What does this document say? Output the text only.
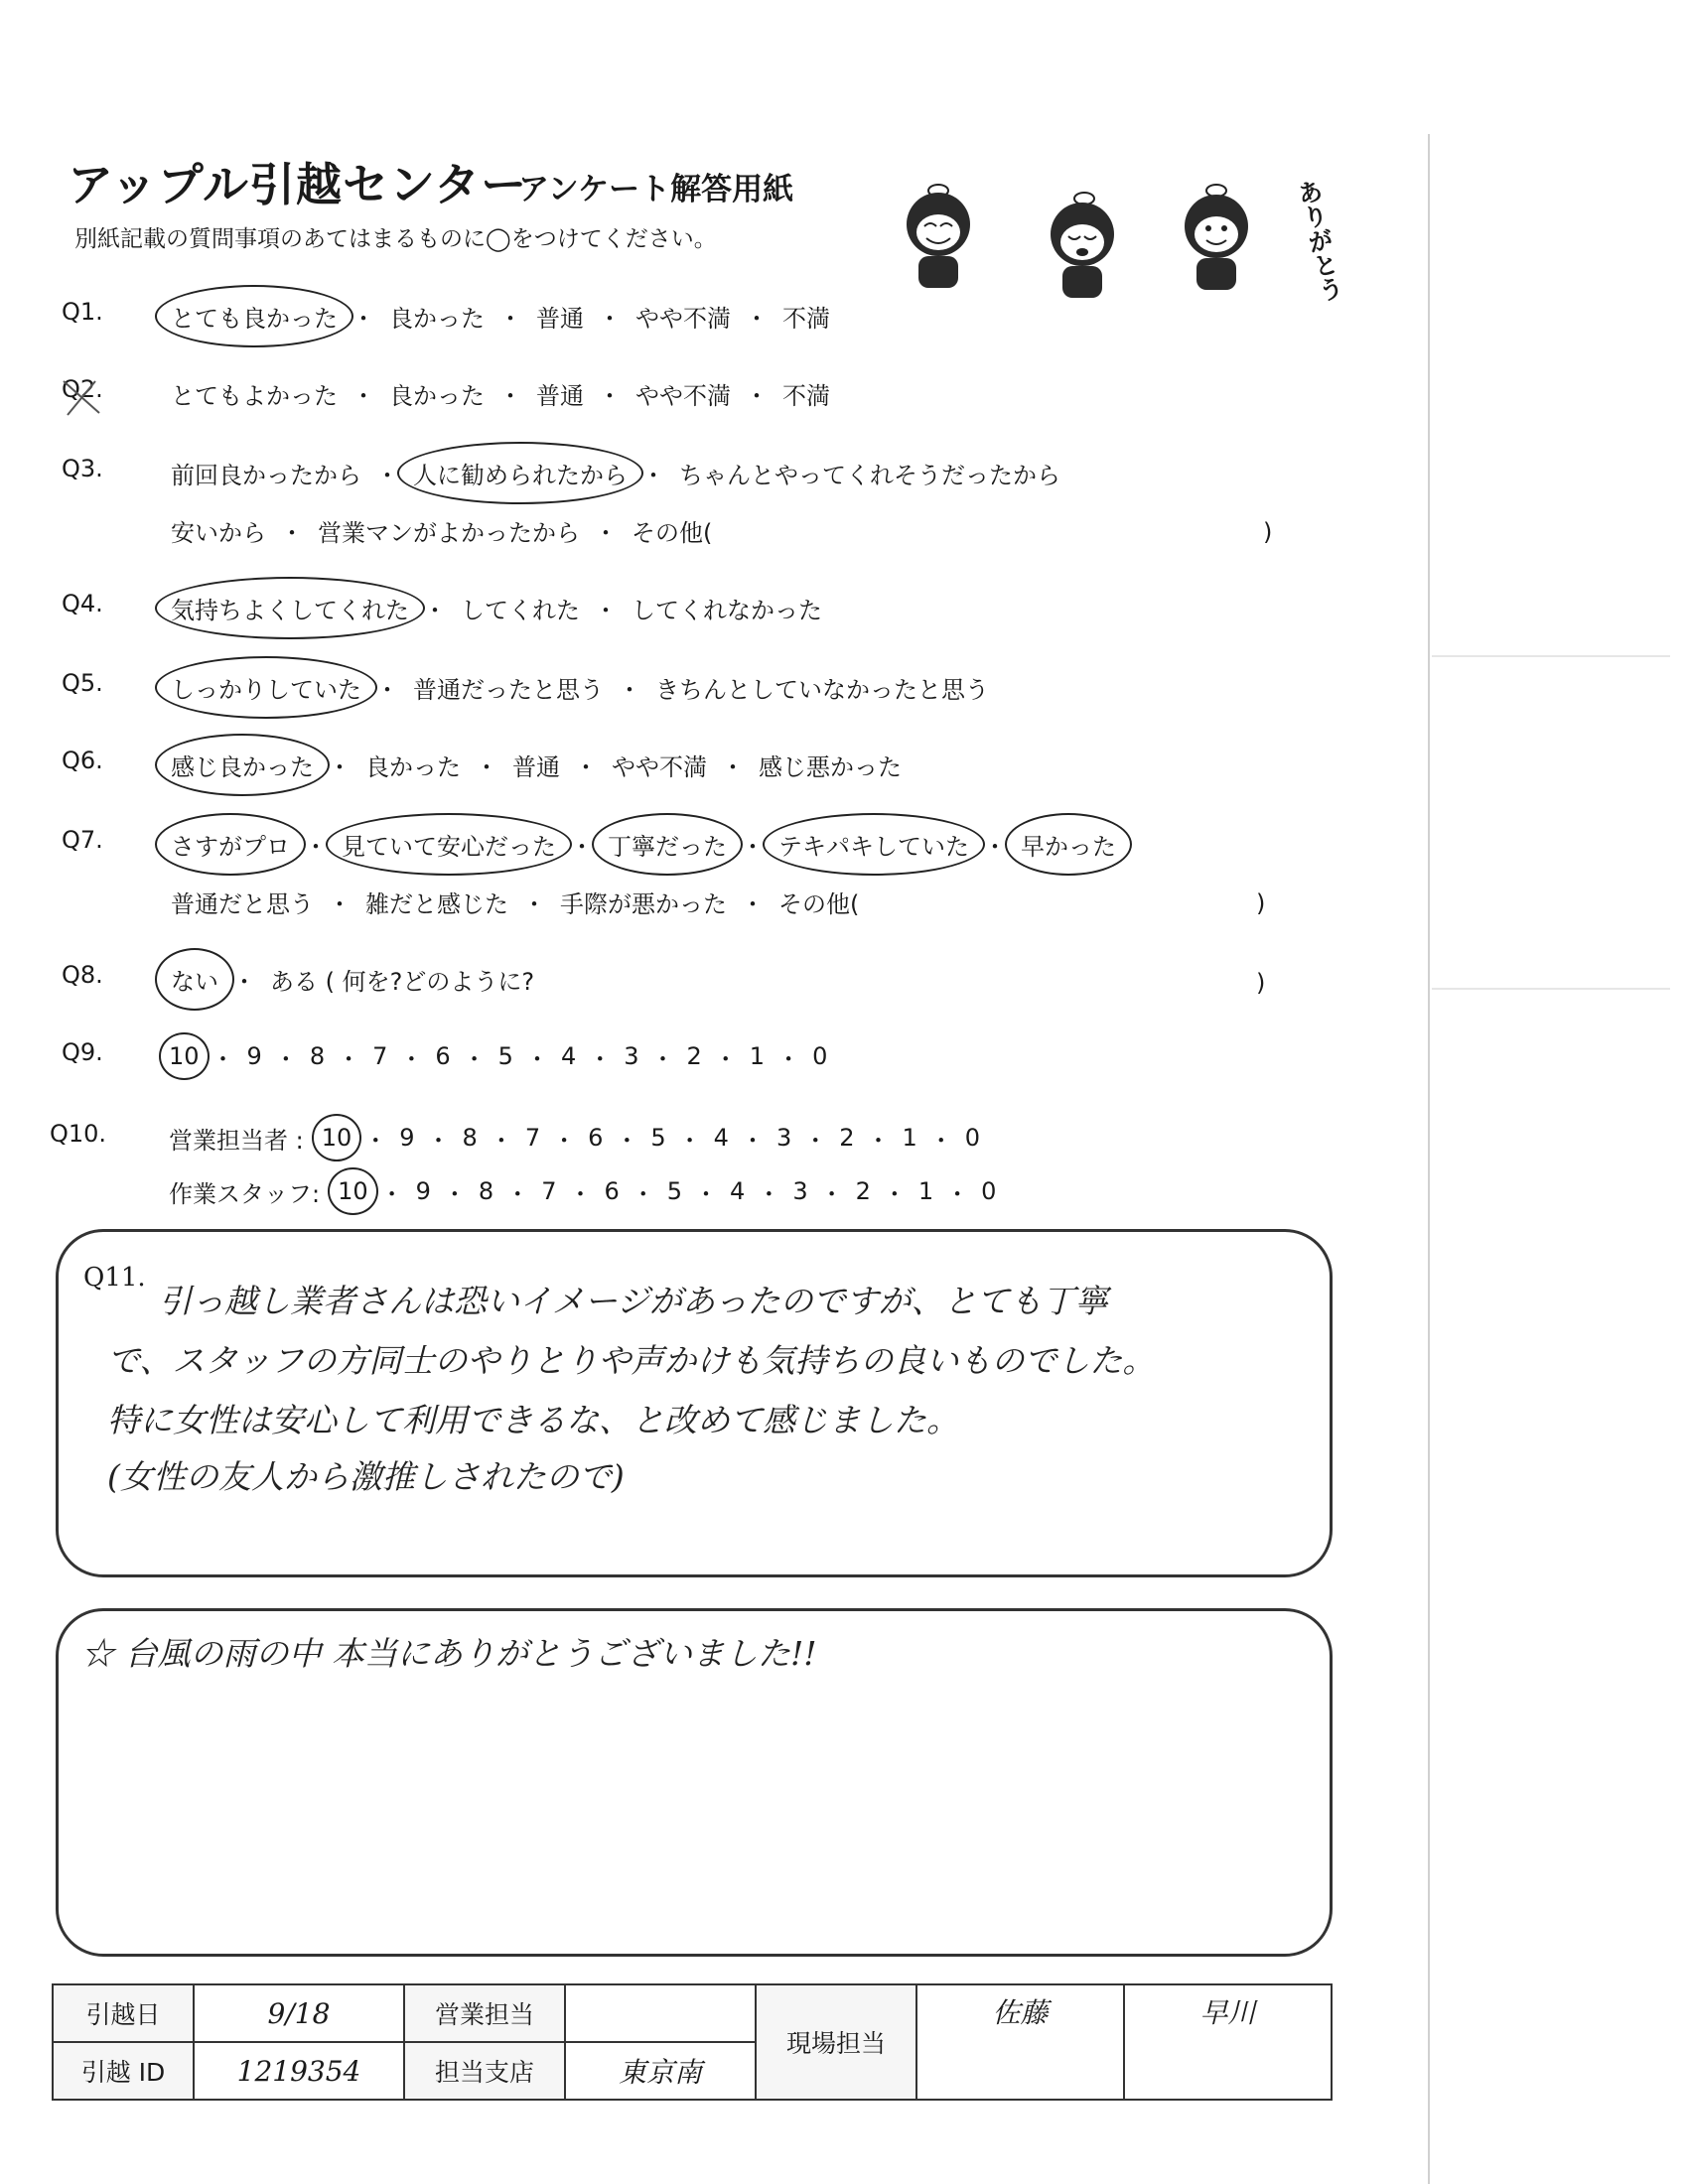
アップル引越センター
アンケート解答用紙
別紙記載の質問事項のあてはまるものに◯をつけてください。	ありがとう
Q1.	とても良かった ・ 良かった ・ 普通 ・ やや不満 ・ 不満
Q2.	とてもよかった ・ 良かった ・ 普通 ・ やや不満 ・ 不満
Q3.	前回良かったから ・ 人に勧められたから ・ ちゃんとやってくれそうだったから
安いから ・ 営業マンがよかったから ・ その他(	)
Q4.	気持ちよくしてくれた ・ してくれた ・ してくれなかった
Q5.	しっかりしていた ・ 普通だったと思う ・ きちんとしていなかったと思う
Q6.	感じ良かった ・ 良かった ・ 普通 ・ やや不満 ・ 感じ悪かった
Q7.	さすがプロ ・ 見ていて安心だった ・ 丁寧だった ・ テキパキしていた ・ 早かった
普通だと思う ・ 雑だと感じた ・ 手際が悪かった ・ その他(	)
Q8.	ない ・ ある ( 何を?どのように?	)
Q9.	10 ・ 9 ・ 8 ・ 7 ・ 6 ・ 5 ・ 4 ・ 3 ・ 2 ・ 1 ・ 0
Q10.	営業担当者 : 10 ・ 9 ・ 8 ・ 7 ・ 6 ・ 5 ・ 4 ・ 3 ・ 2 ・ 1 ・ 0
作業スタッフ: 10 ・ 9 ・ 8 ・ 7 ・ 6 ・ 5 ・ 4 ・ 3 ・ 2 ・ 1 ・ 0
Q11.
引っ越し業者さんは恐いイメージがあったのですが、とても丁寧
で、スタッフの方同士のやりとりや声かけも気持ちの良いものでした。
特に女性は安心して利用できるな、と改めて感じました。
(女性の友人から激推しされたので)
☆ 台風の雨の中 本当にありがとうございました!!
引越日	9/18	営業担当		現場担当	佐藤	早川
引越 ID	1219354	担当支店	東京南			
